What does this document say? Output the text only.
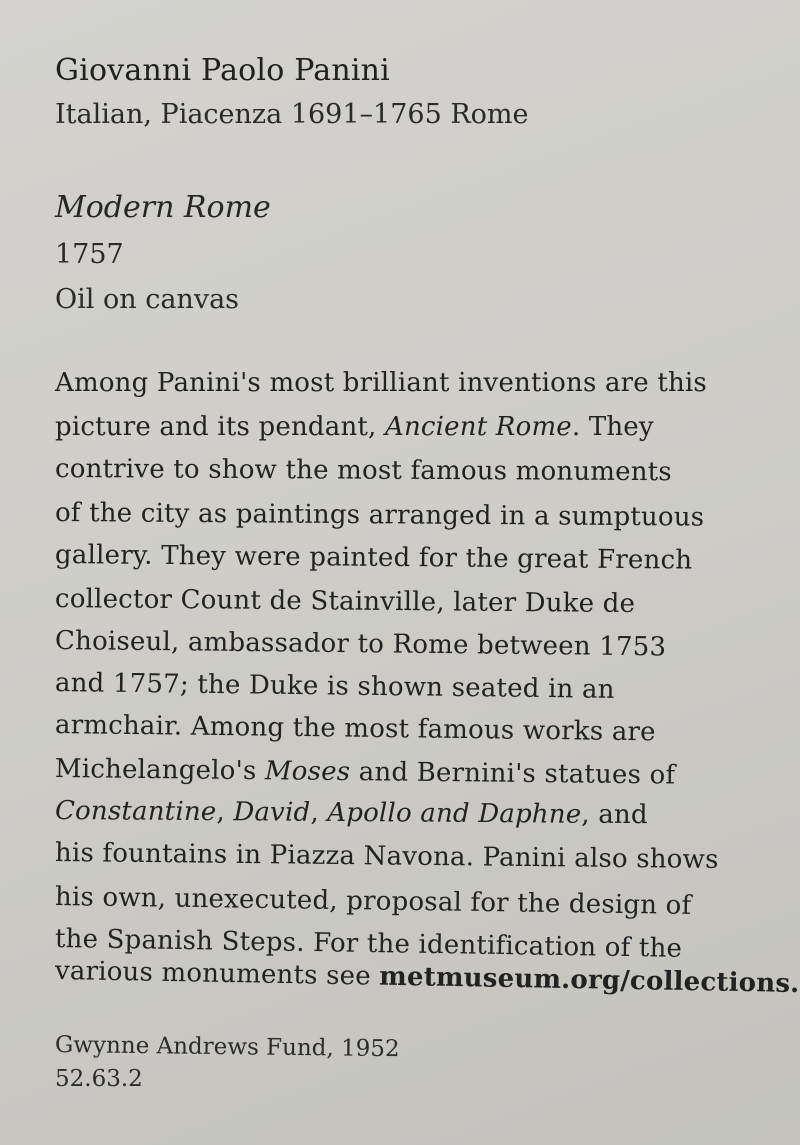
Giovanni Paolo Panini
Italian, Piacenza 1691–1765 Rome
Modern Rome
1757
Oil on canvas
Among Panini's most brilliant inventions are this
picture and its pendant, Ancient Rome. They
contrive to show the most famous monuments
of the city as paintings arranged in a sumptuous
gallery. They were painted for the great French
collector Count de Stainville, later Duke de
Choiseul, ambassador to Rome between 1753
and 1757; the Duke is shown seated in an
armchair. Among the most famous works are
Michelangelo's Moses and Bernini's statues of
Constantine, David, Apollo and Daphne, and
his fountains in Piazza Navona. Panini also shows
his own, unexecuted, proposal for the design of
the Spanish Steps. For the identification of the
various monuments see metmuseum.org/collections.
Gwynne Andrews Fund, 1952
52.63.2
